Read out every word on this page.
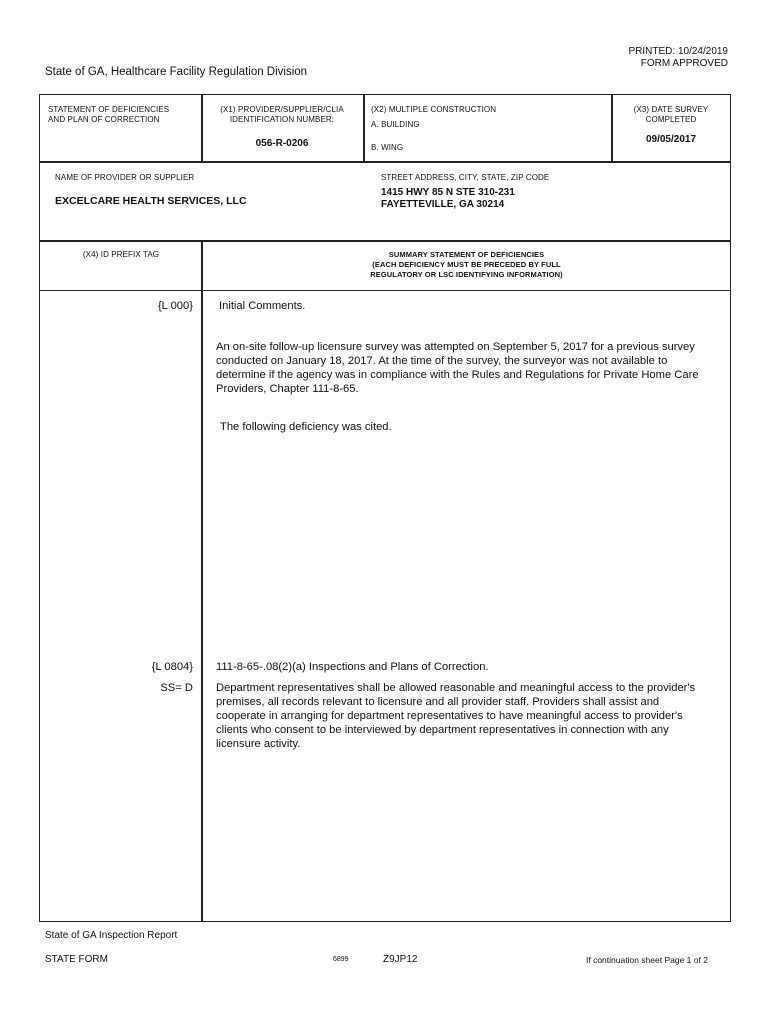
PRINTED: 10/24/2019
FORM APPROVED
State of GA, Healthcare Facility Regulation Division
STATEMENT OF DEFICIENCIES
AND PLAN OF CORRECTION
(X1) PROVIDER/SUPPLIER/CLIA
IDENTIFICATION NUMBER:
056-R-0206
(X2) MULTIPLE CONSTRUCTION
A. BUILDING
B. WING
(X3) DATE SURVEY
COMPLETED
09/05/2017
NAME OF PROVIDER OR SUPPLIER
EXCELCARE HEALTH SERVICES, LLC
STREET ADDRESS, CITY, STATE, ZIP CODE
1415 HWY 85 N STE 310-231
FAYETTEVILLE, GA 30214
(X4) ID PREFIX TAG	SUMMARY STATEMENT OF DEFICIENCIES
(EACH DEFICIENCY MUST BE PRECEDED BY FULL
REGULATORY OR LSC IDENTIFYING INFORMATION)
{L 000} Initial Comments.
An on-site follow-up licensure survey was attempted on September 5, 2017 for a previous survey
conducted on January 18, 2017. At the time of the survey, the surveyor was not available to
determine if the agency was in compliance with the Rules and Regulations for Private Home Care
Providers, Chapter 111-8-65.
The following deficiency was cited.
{L 0804}
SS= D
111-8-65-.08(2)(a) Inspections and Plans of Correction.
Department representatives shall be allowed reasonable and meaningful access to the provider's
premises, all records relevant to licensure and all provider staff. Providers shall assist and
cooperate in arranging for department representatives to have meaningful access to provider's
clients who consent to be interviewed by department representatives in connection with any
licensure activity.
State of GA Inspection Report
STATE FORM	6899	Z9JP12	If continuation sheet Page 1 of 2
